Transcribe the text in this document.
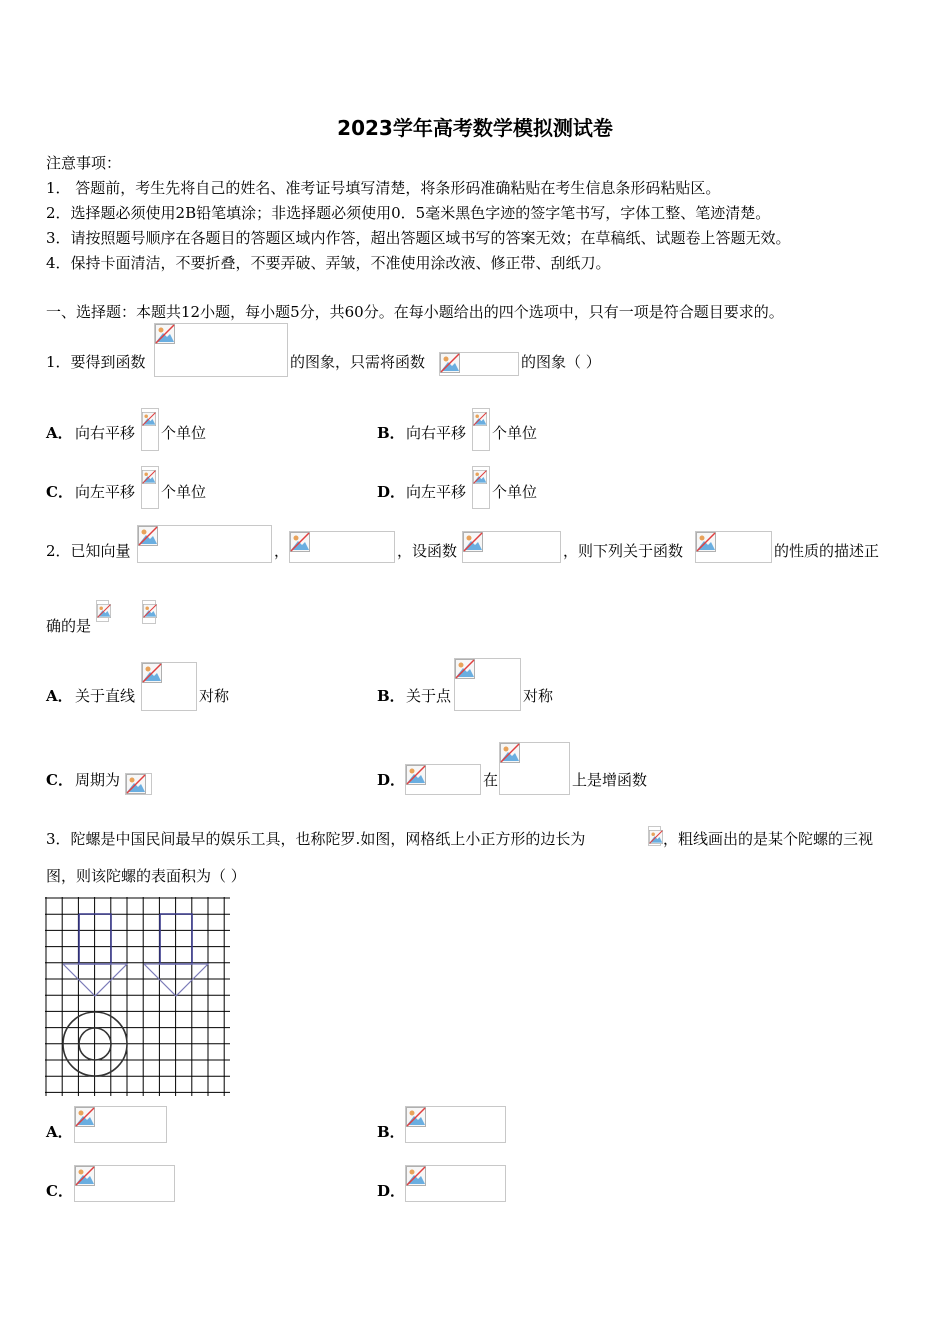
2023学年高考数学模拟测试卷
注意事项：
1． 答题前，考生先将自己的姓名、准考证号填写清楚，将条形码准确粘贴在考生信息条形码粘贴区。
2．选择题必须使用2B铅笔填涂；非选择题必须使用0．5毫米黑色字迹的签字笔书写，字体工整、笔迹清楚。
3．请按照题号顺序在各题目的答题区域内作答，超出答题区域书写的答案无效；在草稿纸、试题卷上答题无效。
4．保持卡面清洁，不要折叠，不要弄破、弄皱，不准使用涂改液、修正带、刮纸刀。
一、选择题：本题共12小题，每小题5分，共60分。在每小题给出的四个选项中，只有一项是符合题目要求的。
1．要得到函数	的图象，只需将函数	的图象（ ）
A． 向右平移 个单位	B． 向右平移 个单位
C． 向左平移 个单位	D． 向左平移 个单位
2．已知向量	，	，设函数	，则下列关于函数	的性质的描述正
确的是
A． 关于直线	对称	B． 关于点	对称
C． 周期为	D．	在	上是增函数
3．陀螺是中国民间最早的娱乐工具，也称陀罗.如图，网格纸上小正方形的边长为	，粗线画出的是某个陀螺的三视
图，则该陀螺的表面积为（ ）
A．	B．
C．	D．
